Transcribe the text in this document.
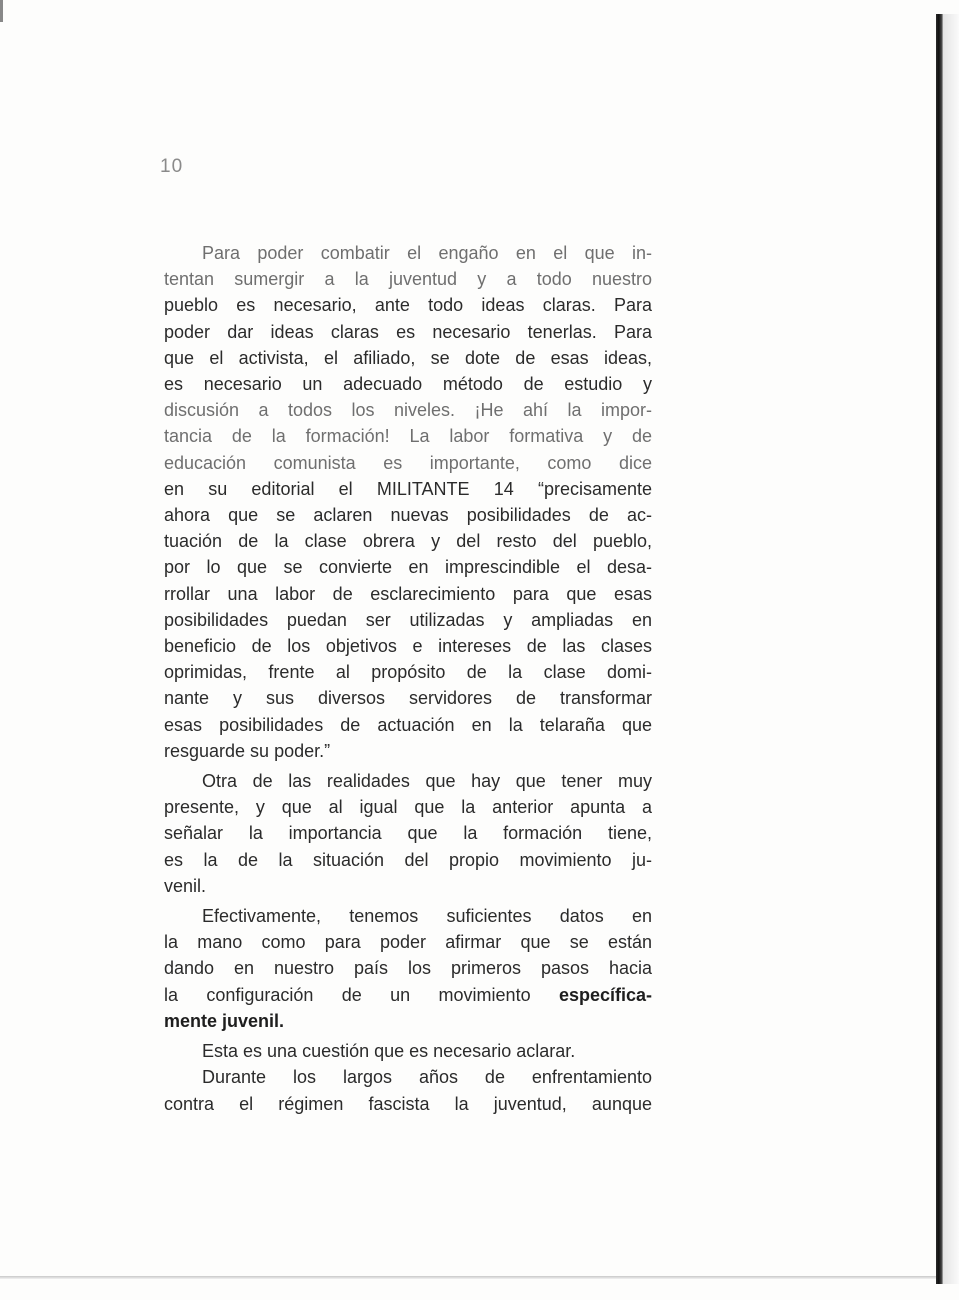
10
Para poder combatir el engaño en el que in-
tentan sumergir a la juventud y a todo nuestro
pueblo es necesario, ante todo ideas claras. Para
poder dar ideas claras es necesario tenerlas. Para
que el activista, el afiliado, se dote de esas ideas,
es necesario un adecuado método de estudio y
discusión a todos los niveles. ¡He ahí la impor-
tancia de la formación! La labor formativa y de
educación comunista es importante, como dice
en su editorial el MILITANTE 14 “precisamente
ahora que se aclaren nuevas posibilidades de ac-
tuación de la clase obrera y del resto del pueblo,
por lo que se convierte en imprescindible el desa-
rrollar una labor de esclarecimiento para que esas
posibilidades puedan ser utilizadas y ampliadas en
beneficio de los objetivos e intereses de las clases
oprimidas, frente al propósito de la clase domi-
nante y sus diversos servidores de transformar
esas posibilidades de actuación en la telaraña que
resguarde su poder.”
Otra de las realidades que hay que tener muy
presente, y que al igual que la anterior apunta a
señalar la importancia que la formación tiene,
es la de la situación del propio movimiento ju-
venil.
Efectivamente, tenemos suficientes datos en
la mano como para poder afirmar que se están
dando en nuestro país los primeros pasos hacia
la configuración de un movimiento específica-
mente juvenil.
Esta es una cuestión que es necesario aclarar.
Durante los largos años de enfrentamiento
contra el régimen fascista la juventud, aunque
